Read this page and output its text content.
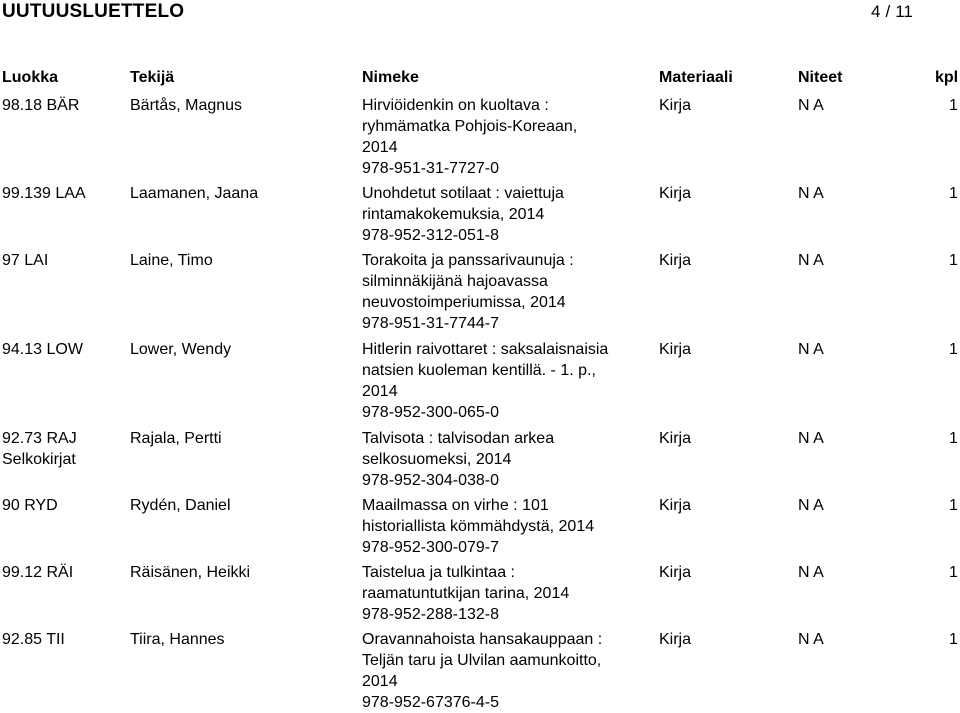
UUTUUSLUETTELO	4 / 11
Luokka	Tekijä	Nimeke	Materiaali	Niteet	kpl
98.18 BÄR	Bärtås, Magnus	Hirviöidenkin on kuoltava :
ryhmämatka Pohjois-Koreaan,
2014
978-951-31-7727-0
Kirja	N A	1
99.139 LAA	Laamanen, Jaana	Unohdetut sotilaat : vaiettuja
rintamakokemuksia, 2014
978-952-312-051-8
Kirja	N A	1
97 LAI	Laine, Timo	Torakoita ja panssarivaunuja :
silminnäkijänä hajoavassa
neuvostoimperiumissa, 2014
978-951-31-7744-7
Kirja	N A	1
94.13 LOW	Lower, Wendy	Hitlerin raivottaret : saksalaisnaisia
natsien kuoleman kentillä. - 1. p.,
2014
978-952-300-065-0
Kirja	N A	1
92.73 RAJ
Selkokirjat
Rajala, Pertti	Talvisota : talvisodan arkea
selkosuomeksi, 2014
978-952-304-038-0
Kirja	N A	1
90 RYD	Rydén, Daniel	Maailmassa on virhe : 101
historiallista kömmähdystä, 2014
978-952-300-079-7
Kirja	N A	1
99.12 RÄI	Räisänen, Heikki	Taistelua ja tulkintaa :
raamatuntutkijan tarina, 2014
978-952-288-132-8
Kirja	N A	1
92.85 TII	Tiira, Hannes	Oravannahoista hansakauppaan :
Teljän taru ja Ulvilan aamunkoitto,
2014
978-952-67376-4-5
Kirja	N A	1
